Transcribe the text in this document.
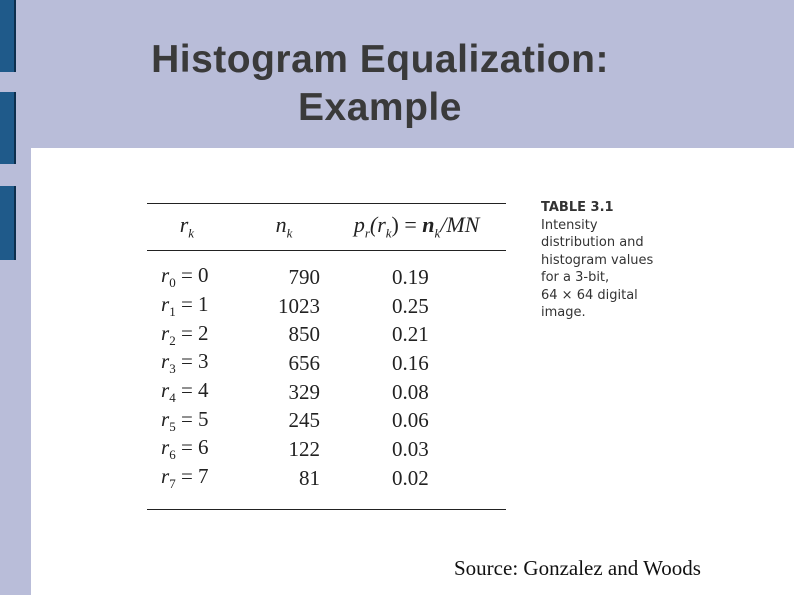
Histogram Equalization:
Example
$r_k$	$n_k$	$p_r(r_k) = n_k/MN$
$r_0 = 0$	790	0.19
$r_1 = 1$	1023	0.25
$r_2 = 2$	850	0.21
$r_3 = 3$	656	0.16
$r_4 = 4$	329	0.08
$r_5 = 5$	245	0.06
$r_6 = 6$	122	0.03
$r_7 = 7$	81	0.02
TABLE 3.1
Intensity
distribution and
histogram values
for a 3-bit,
64 × 64 digital
image.
Source: Gonzalez and Woods
